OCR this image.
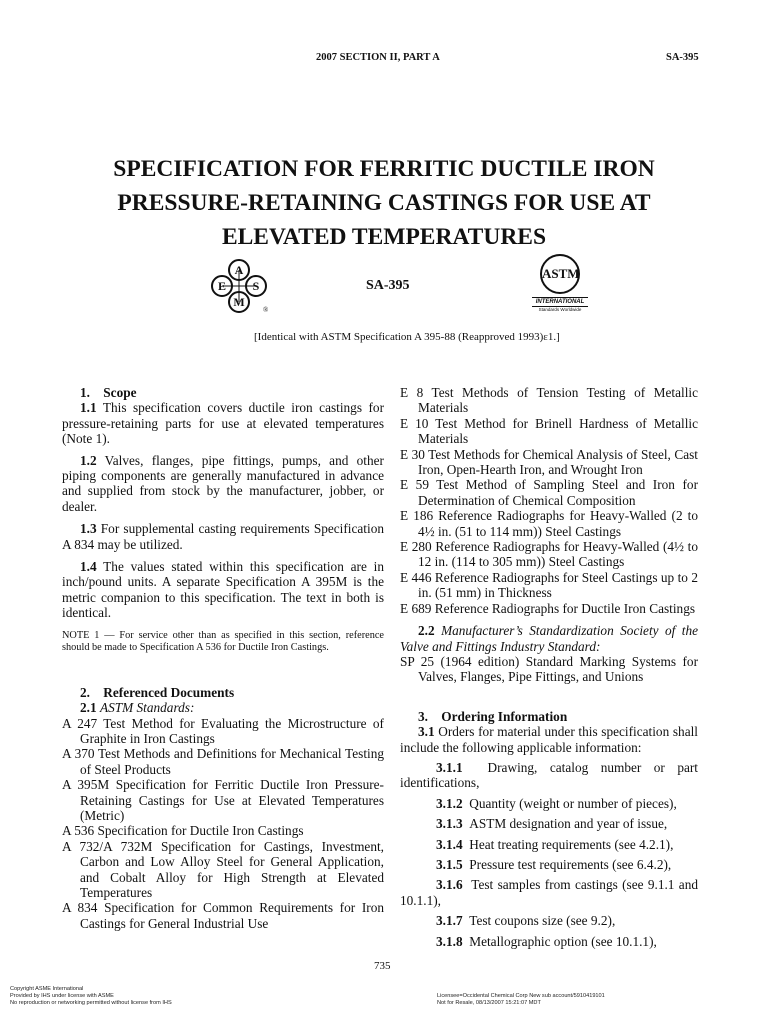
2007 SECTION II, PART A	SA-395
SPECIFICATION FOR FERRITIC DUCTILE IRON
PRESSURE-RETAINING CASTINGS FOR USE AT
ELEVATED TEMPERATURES
A
E S
M
®
SA-395
ASTM
INTERNATIONAL
Standards Worldwide
[Identical with ASTM Specification A 395-88 (Reapproved 1993)ε1.]

1. Scope

1.1 This specification covers ductile iron castings for pressure-retaining parts for use at elevated temperatures (Note 1).

1.2 Valves, flanges, pipe fittings, pumps, and other piping components are generally manufactured in advance and supplied from stock by the manufacturer, jobber, or dealer.

1.3 For supplemental casting requirements Specification A 834 may be utilized.

1.4 The values stated within this specification are in inch/pound units. A separate Specification A 395M is the metric companion to this specification. The text in both is identical.

NOTE 1 — For service other than as specified in this section, reference should be made to Specification A 536 for Ductile Iron Castings.

2. Referenced Documents

2.1 ASTM Standards:

A 247 Test Method for Evaluating the Microstructure of Graphite in Iron Castings

A 370 Test Methods and Definitions for Mechanical Testing of Steel Products

A 395M Specification for Ferritic Ductile Iron Pressure-Retaining Castings for Use at Elevated Temperatures (Metric)

A 536 Specification for Ductile Iron Castings

A 732/A 732M Specification for Castings, Investment, Carbon and Low Alloy Steel for General Application, and Cobalt Alloy for High Strength at Elevated Temperatures

A 834 Specification for Common Requirements for Iron Castings for General Industrial Use

E 8 Test Methods of Tension Testing of Metallic Materials

E 10 Test Method for Brinell Hardness of Metallic Materials

E 30 Test Methods for Chemical Analysis of Steel, Cast Iron, Open-Hearth Iron, and Wrought Iron

E 59 Test Method of Sampling Steel and Iron for Determination of Chemical Composition

E 186 Reference Radiographs for Heavy-Walled (2 to 4½ in. (51 to 114 mm)) Steel Castings

E 280 Reference Radiographs for Heavy-Walled (4½ to 12 in. (114 to 305 mm)) Steel Castings

E 446 Reference Radiographs for Steel Castings up to 2 in. (51 mm) in Thickness

E 689 Reference Radiographs for Ductile Iron Castings

2.2 Manufacturer’s Standardization Society of the Valve and Fittings Industry Standard:

SP 25 (1964 edition) Standard Marking Systems for Valves, Flanges, Pipe Fittings, and Unions

3. Ordering Information

3.1 Orders for material under this specification shall include the following applicable information:

3.1.1 Drawing, catalog number or part identifications,

3.1.2 Quantity (weight or number of pieces),

3.1.3 ASTM designation and year of issue,

3.1.4 Heat treating requirements (see 4.2.1),

3.1.5 Pressure test requirements (see 6.4.2),

3.1.6 Test samples from castings (see 9.1.1 and 10.1.1),

3.1.7 Test coupons size (see 9.2),

3.1.8 Metallographic option (see 10.1.1),

735
Copyright ASME International
Provided by IHS under license with ASME
No reproduction or networking permitted without license from IHS
Licensee=Occidental Chemical Corp New sub account/5910419101
Not for Resale, 08/13/2007 15:21:07 MDT
